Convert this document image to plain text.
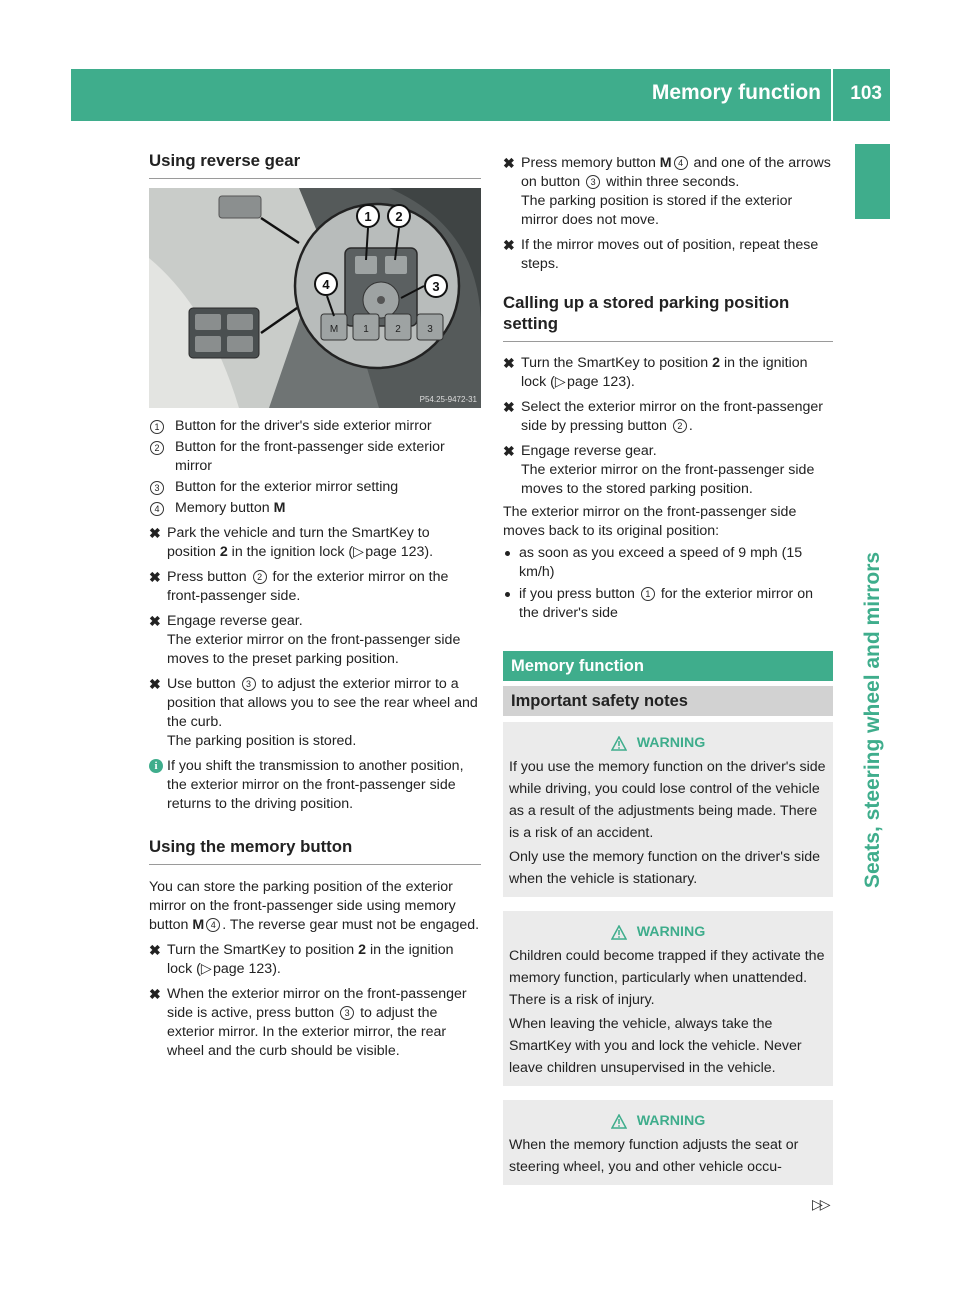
Memory function 103
Seats, steering wheel and mirrors
Using reverse gear
M	1	2	3
1 2
3
4
P54.25-9472-31
1	Button for the driver's side exterior mirror
2	Button for the front-passenger side exterior mirror
3	Button for the exterior mirror setting
4	Memory button M
✖ Park the vehicle and turn the SmartKey to position 2 in the ignition lock (▷ page 123).
✖ Press button 2 for the exterior mirror on the front-passenger side.
✖ Engage reverse gear.
The exterior mirror on the front-passenger side moves to the preset parking position.
✖ Use button 3 to adjust the exterior mirror to a position that allows you to see the rear wheel and the curb.
The parking position is stored.
i If you shift the transmission to another position, the exterior mirror on the front-passenger side returns to the driving position.
Using the memory button
You can store the parking position of the exterior mirror on the front-passenger side using memory button M 4 . The reverse gear must not be engaged.
✖ Turn the SmartKey to position 2 in the ignition lock (▷ page 123).
✖ When the exterior mirror on the front-passenger side is active, press button 3 to adjust the exterior mirror. In the exterior mirror, the rear wheel and the curb should be visible.
✖ Press memory button M 4 and one of the arrows on button 3 within three seconds.
The parking position is stored if the exterior mirror does not move.
✖ If the mirror moves out of position, repeat these steps.
Calling up a stored parking position setting
✖ Turn the SmartKey to position 2 in the ignition lock (▷ page 123).
✖ Select the exterior mirror on the front-passenger side by pressing button 2 .
✖ Engage reverse gear.
The exterior mirror on the front-passenger side moves to the stored parking position.
The exterior mirror on the front-passenger side moves back to its original position:
as soon as you exceed a speed of 9 mph (15 km/h)
if you press button 1 for the exterior mirror on the driver's side
Memory function
Important safety notes
WARNING
If you use the memory function on the driver's side while driving, you could lose control of the vehicle as a result of the adjustments being made. There is a risk of an accident.
Only use the memory function on the driver's side when the vehicle is stationary.
WARNING
Children could become trapped if they activate the memory function, particularly when unattended. There is a risk of injury.
When leaving the vehicle, always take the SmartKey with you and lock the vehicle. Never leave children unsupervised in the vehicle.
WARNING
When the memory function adjusts the seat or steering wheel, you and other vehicle occu-
▷▷
